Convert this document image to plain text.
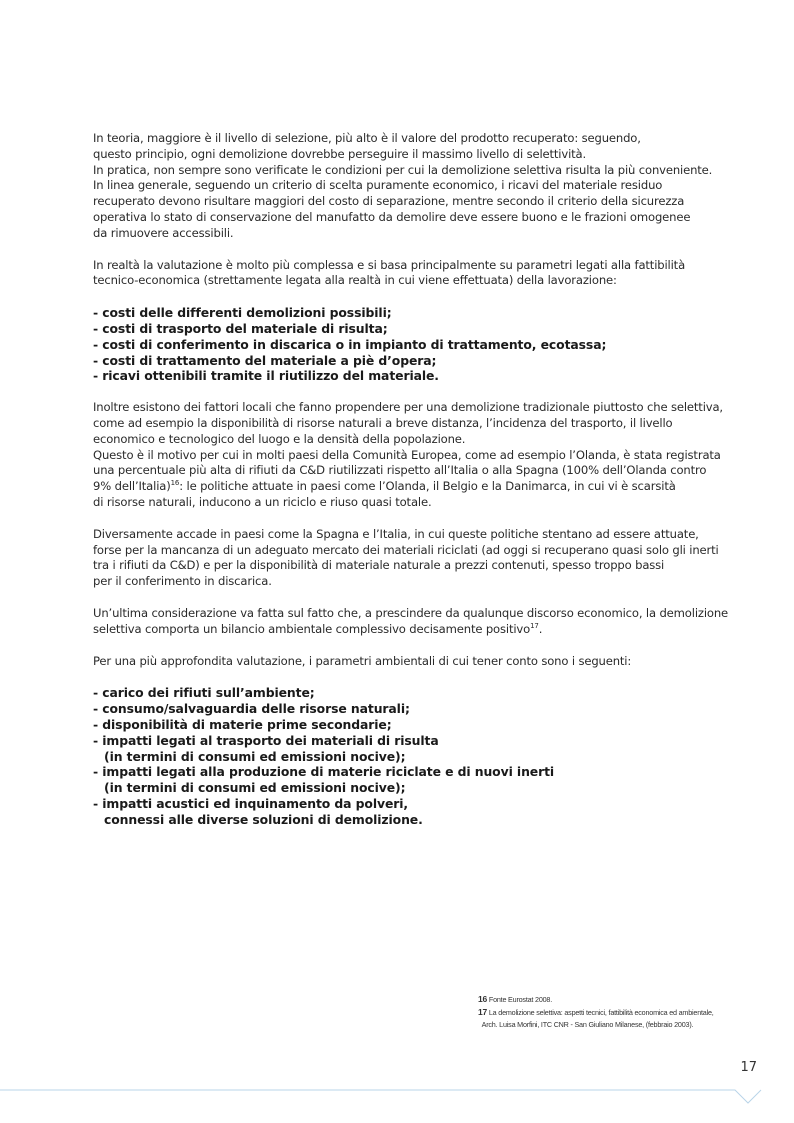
In teoria, maggiore è il livello di selezione, più alto è il valore del prodotto recuperato: seguendo,

questo principio, ogni demolizione dovrebbe perseguire il massimo livello di selettività.

In pratica, non sempre sono verificate le condizioni per cui la demolizione selettiva risulta la più conveniente.

In linea generale, seguendo un criterio di scelta puramente economico, i ricavi del materiale residuo

recuperato devono risultare maggiori del costo di separazione, mentre secondo il criterio della sicurezza

operativa lo stato di conservazione del manufatto da demolire deve essere buono e le frazioni omogenee

da rimuovere accessibili.

In realtà la valutazione è molto più complessa e si basa principalmente su parametri legati alla fattibilità

tecnico-economica (strettamente legata alla realtà in cui viene effettuata) della lavorazione:

- costi delle differenti demolizioni possibili;
- costi di trasporto del materiale di risulta;
- costi di conferimento in discarica o in impianto di trattamento, ecotassa;
- costi di trattamento del materiale a piè d’opera;
- ricavi ottenibili tramite il riutilizzo del materiale.

Inoltre esistono dei fattori locali che fanno propendere per una demolizione tradizionale piuttosto che selettiva,

come ad esempio la disponibilità di risorse naturali a breve distanza, l’incidenza del trasporto, il livello

economico e tecnologico del luogo e la densità della popolazione.

Questo è il motivo per cui in molti paesi della Comunità Europea, come ad esempio l’Olanda, è stata registrata

una percentuale più alta di rifiuti da C&D riutilizzati rispetto all’Italia o alla Spagna (100% dell’Olanda contro

9% dell’Italia)$^{16}$: le politiche attuate in paesi come l’Olanda, il Belgio e la Danimarca, in cui vi è scarsità

di risorse naturali, inducono a un riciclo e riuso quasi totale.

Diversamente accade in paesi come la Spagna e l’Italia, in cui queste politiche stentano ad essere attuate,

forse per la mancanza di un adeguato mercato dei materiali riciclati (ad oggi si recuperano quasi solo gli inerti

tra i rifiuti da C&D) e per la disponibilità di materiale naturale a prezzi contenuti, spesso troppo bassi

per il conferimento in discarica.

Un’ultima considerazione va fatta sul fatto che, a prescindere da qualunque discorso economico, la demolizione

selettiva comporta un bilancio ambientale complessivo decisamente positivo$^{17}$.

Per una più approfondita valutazione, i parametri ambientali di cui tener conto sono i seguenti:

- carico dei rifiuti sull’ambiente;
- consumo/salvaguardia delle risorse naturali;
- disponibilità di materie prime secondarie;
- impatti legati al trasporto dei materiali di risulta
(in termini di consumi ed emissioni nocive);
- impatti legati alla produzione di materie riciclate e di nuovi inerti
(in termini di consumi ed emissioni nocive);
- impatti acustici ed inquinamento da polveri,
connessi alle diverse soluzioni di demolizione.
16 Fonte Eurostat 2008.
17 La demolizione selettiva: aspetti tecnici, fattibilità economica ed ambientale,
Arch. Luisa Morfini, ITC CNR - San Giuliano Milanese, (febbraio 2003).
17
